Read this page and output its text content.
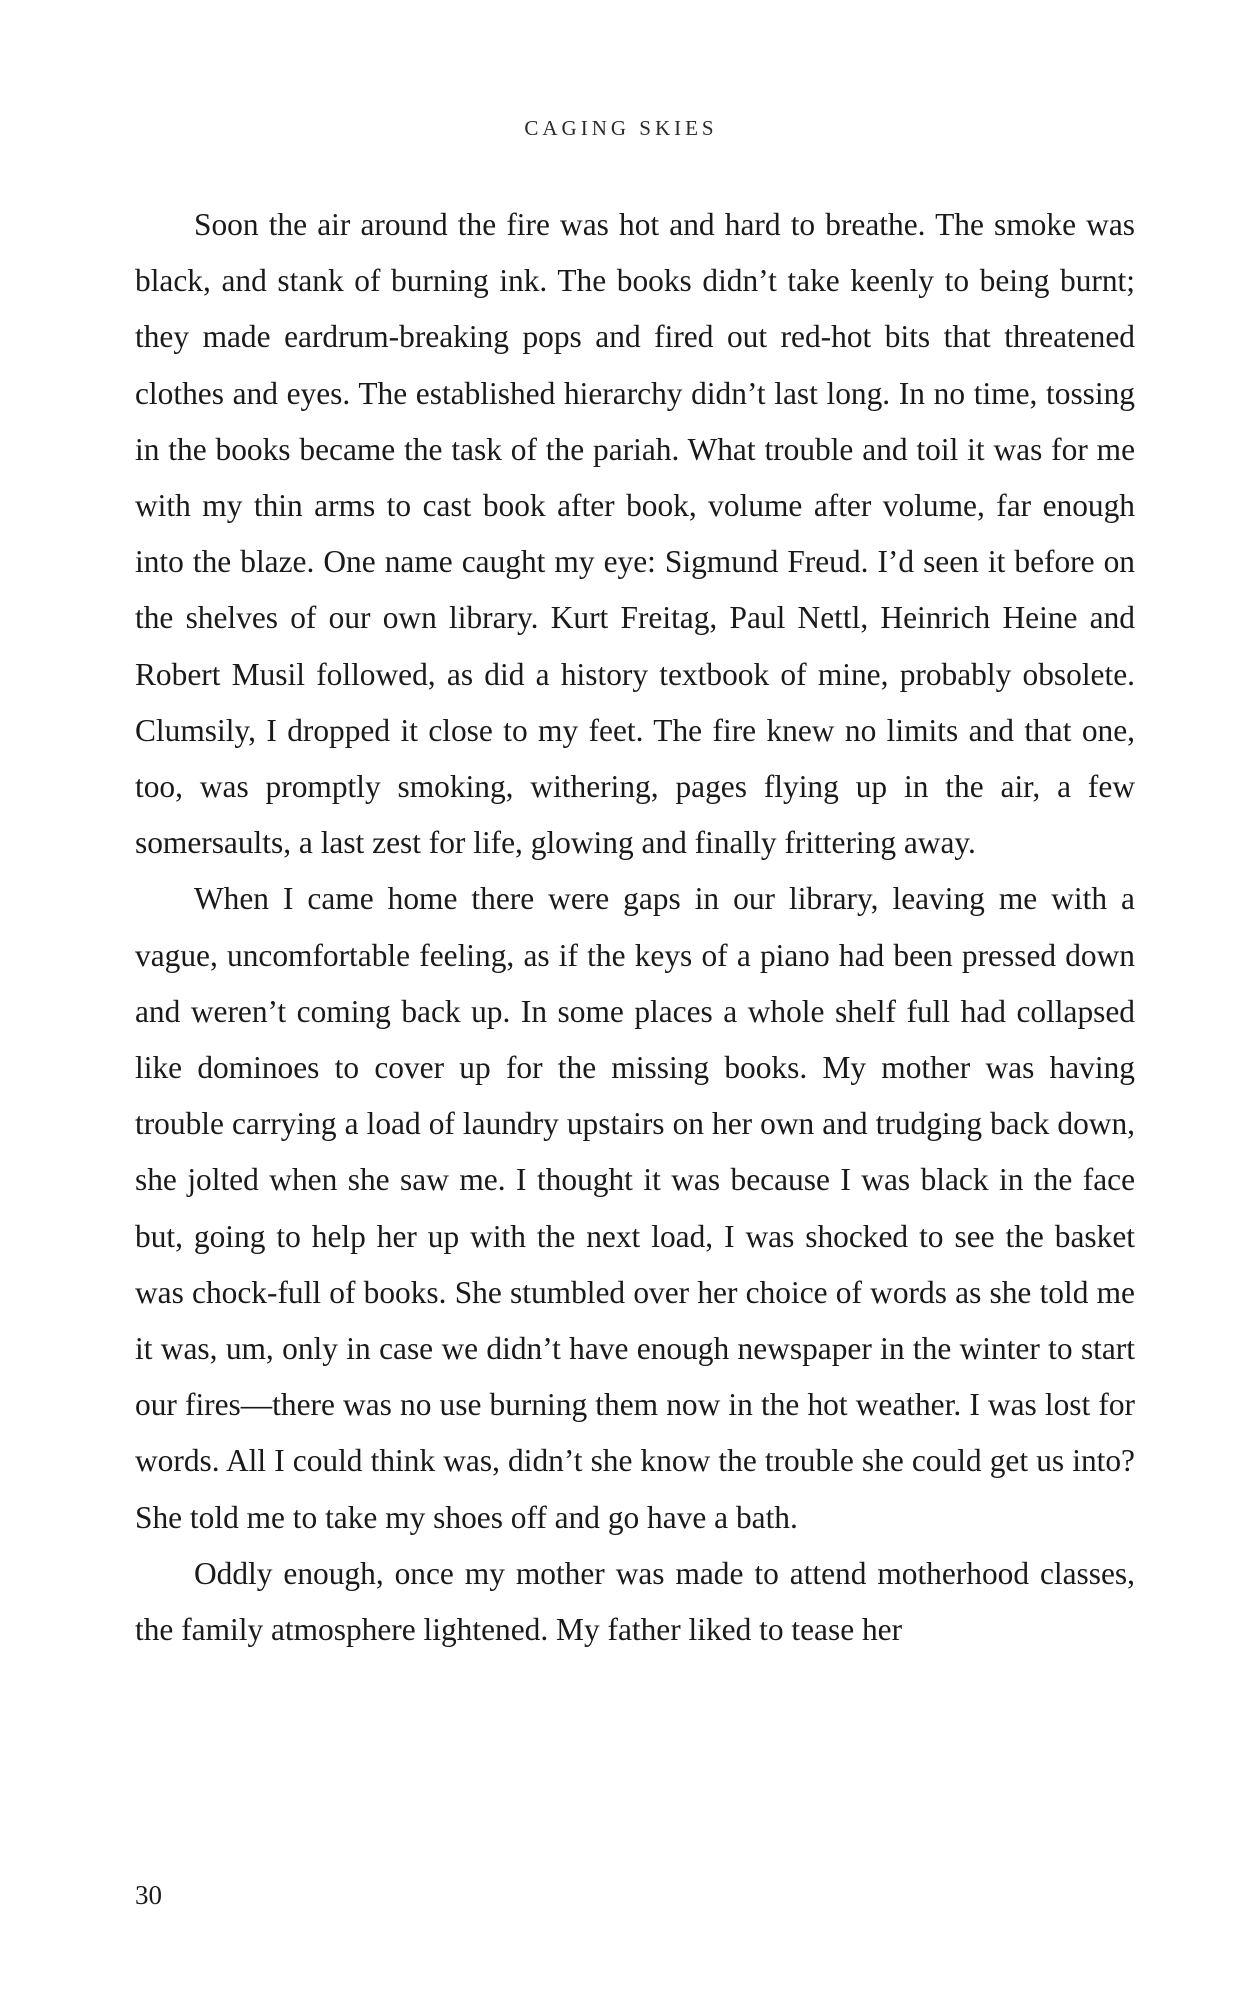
CAGING SKIES

Soon the air around the fire was hot and hard to breathe. The smoke was black, and stank of burning ink. The books didn’t take keenly to being burnt; they made eardrum-breaking pops and fired out red-hot bits that threatened clothes and eyes. The established hierarchy didn’t last long. In no time, tossing in the books became the task of the pariah. What trouble and toil it was for me with my thin arms to cast book after book, volume after volume, far enough into the blaze. One name caught my eye: Sigmund Freud. I’d seen it before on the shelves of our own library. Kurt Freitag, Paul Nettl, Heinrich Heine and Robert Musil followed, as did a history textbook of mine, probably obsolete. Clumsily, I dropped it close to my feet. The fire knew no limits and that one, too, was promptly smoking, withering, pages flying up in the air, a few somersaults, a last zest for life, glowing and finally frittering away.

When I came home there were gaps in our library, leaving me with a vague, uncomfortable feeling, as if the keys of a piano had been pressed down and weren’t coming back up. In some places a whole shelf full had collapsed like dominoes to cover up for the missing books. My mother was having trouble carrying a load of laundry upstairs on her own and trudging back down, she jolted when she saw me. I thought it was because I was black in the face but, going to help her up with the next load, I was shocked to see the basket was chock-full of books. She stumbled over her choice of words as she told me it was, um, only in case we didn’t have enough newspaper in the winter to start our fires—there was no use burning them now in the hot weather. I was lost for words. All I could think was, didn’t she know the trouble she could get us into? She told me to take my shoes off and go have a bath.

Oddly enough, once my mother was made to attend motherhood classes, the family atmosphere lightened. My father liked to tease her

30
